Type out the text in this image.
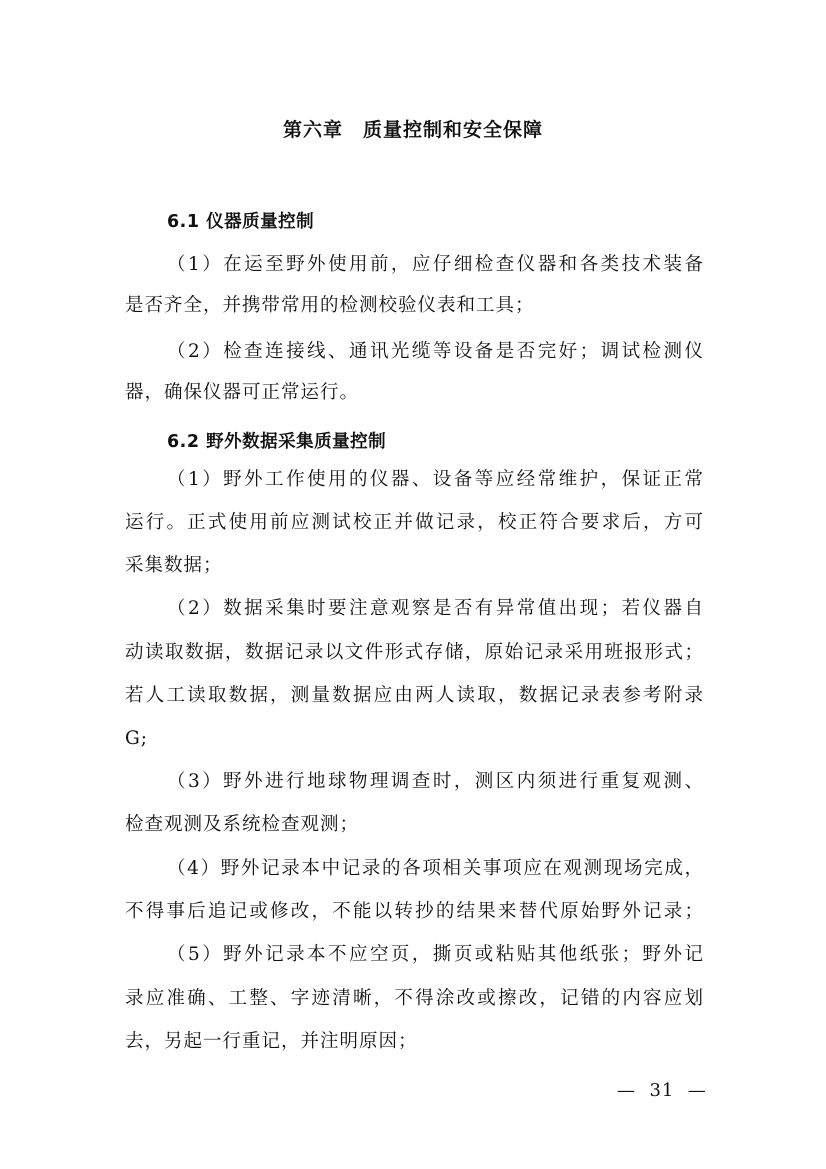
第六章　质量控制和安全保障
6.1 仪器质量控制
（1）在运至野外使用前，应仔细检查仪器和各类技术装备
是否齐全，并携带常用的检测校验仪表和工具；
（2）检查连接线、通讯光缆等设备是否完好；调试检测仪
器，确保仪器可正常运行。
6.2 野外数据采集质量控制
（1）野外工作使用的仪器、设备等应经常维护，保证正常
运行。正式使用前应测试校正并做记录，校正符合要求后，方可
采集数据；
（2）数据采集时要注意观察是否有异常值出现；若仪器自
动读取数据，数据记录以文件形式存储，原始记录采用班报形式；
若人工读取数据，测量数据应由两人读取，数据记录表参考附录
G;
（3）野外进行地球物理调查时，测区内须进行重复观测、
检查观测及系统检查观测；
（4）野外记录本中记录的各项相关事项应在观测现场完成，
不得事后追记或修改，不能以转抄的结果来替代原始野外记录；
（5）野外记录本不应空页，撕页或粘贴其他纸张；野外记
录应准确、工整、字迹清晰，不得涂改或擦改，记错的内容应划
去，另起一行重记，并注明原因；
—  31  —
